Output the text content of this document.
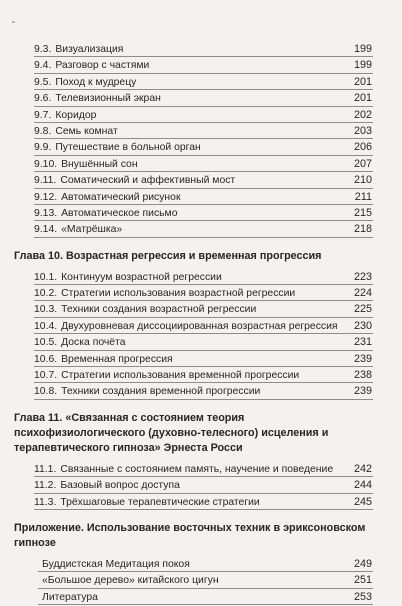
˜
9.3. Визуализация	199
9.4. Разговор с частями	199
9.5. Поход к мудрецу	201
9.6. Телевизионный экран	201
9.7. Коридор	202
9.8. Семь комнат	203
9.9. Путешествие в больной орган	206
9.10. Внушённый сон	207
9.11. Соматический и аффективный мост	210
9.12. Автоматический рисунок	211
9.13. Автоматическое письмо	215
9.14. «Матрёшка»	218
Глава 10. Возрастная регрессия и временная прогрессия
10.1. Континуум возрастной регрессии	223
10.2. Стратегии использования возрастной регрессии	224
10.3. Техники создания возрастной регрессии	225
10.4. Двухуровневая диссоциированная возрастная регрессия 230
10.5. Доска почёта	231
10.6. Временная прогрессия	239
10.7. Стратегии использования временной прогрессии	238
10.8. Техники создания временной прогрессии	239
Глава 11. «Связанная с состоянием теория психофизиологического (духовно-телесного) исцеления и терапевтического гипноза» Эрнеста Росси
11.1. Связанные с состоянием память, научение и поведение 242
11.2. Базовый вопрос доступа	244
11.3. Трёхшаговые терапевтические стратегии	245
Приложение. Использование восточных техник в эриксоновском гипнозе
Буддистская Медитация покоя	249
«Большое дерево» китайского цигун	251
Литература	253
